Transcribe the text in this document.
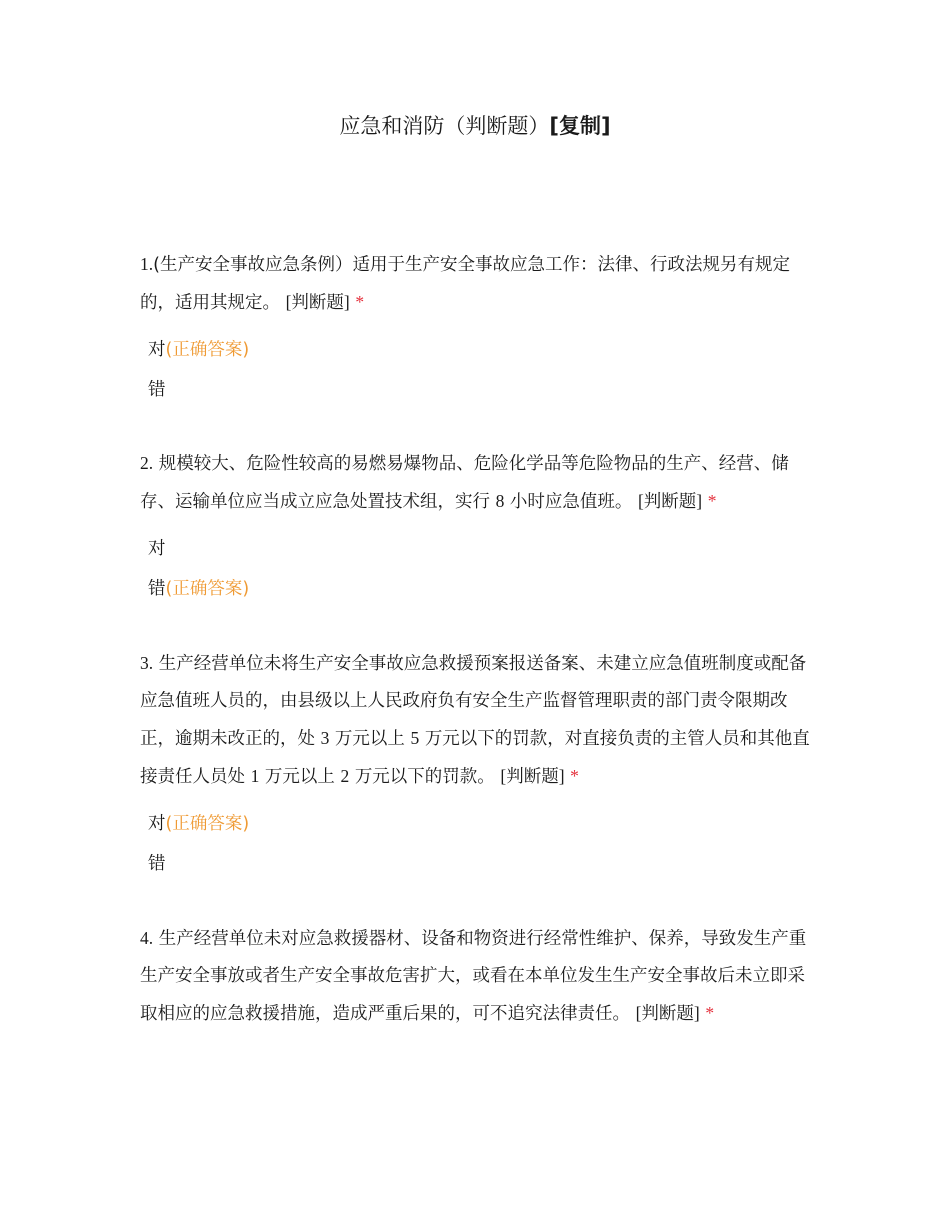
应急和消防（判断题）[复制]

1.(生产安全事故应急条例）适用于生产安全事故应急工作：法律、行政法规另有规定的，适用其规定。 [判断题] *

对(正确答案)
错

2. 规模较大、危险性较高的易燃易爆物品、危险化学品等危险物品的生产、经营、储存、运输单位应当成立应急处置技术组，实行 8 小时应急值班。 [判断题] *

对
错(正确答案)

3. 生产经营单位未将生产安全事故应急救援预案报送备案、未建立应急值班制度或配备应急值班人员的，由县级以上人民政府负有安全生产监督管理职责的部门责令限期改正，逾期未改正的，处 3 万元以上 5 万元以下的罚款，对直接负责的主管人员和其他直接责任人员处 1 万元以上 2 万元以下的罚款。 [判断题] *

对(正确答案)
错

4. 生产经营单位未对应急救援器材、设备和物资进行经常性维护、保养，导致发生产重生产安全事放或者生产安全事故危害扩大，或看在本单位发生生产安全事故后未立即采取相应的应急救援措施，造成严重后果的，可不追究法律责任。 [判断题] *
